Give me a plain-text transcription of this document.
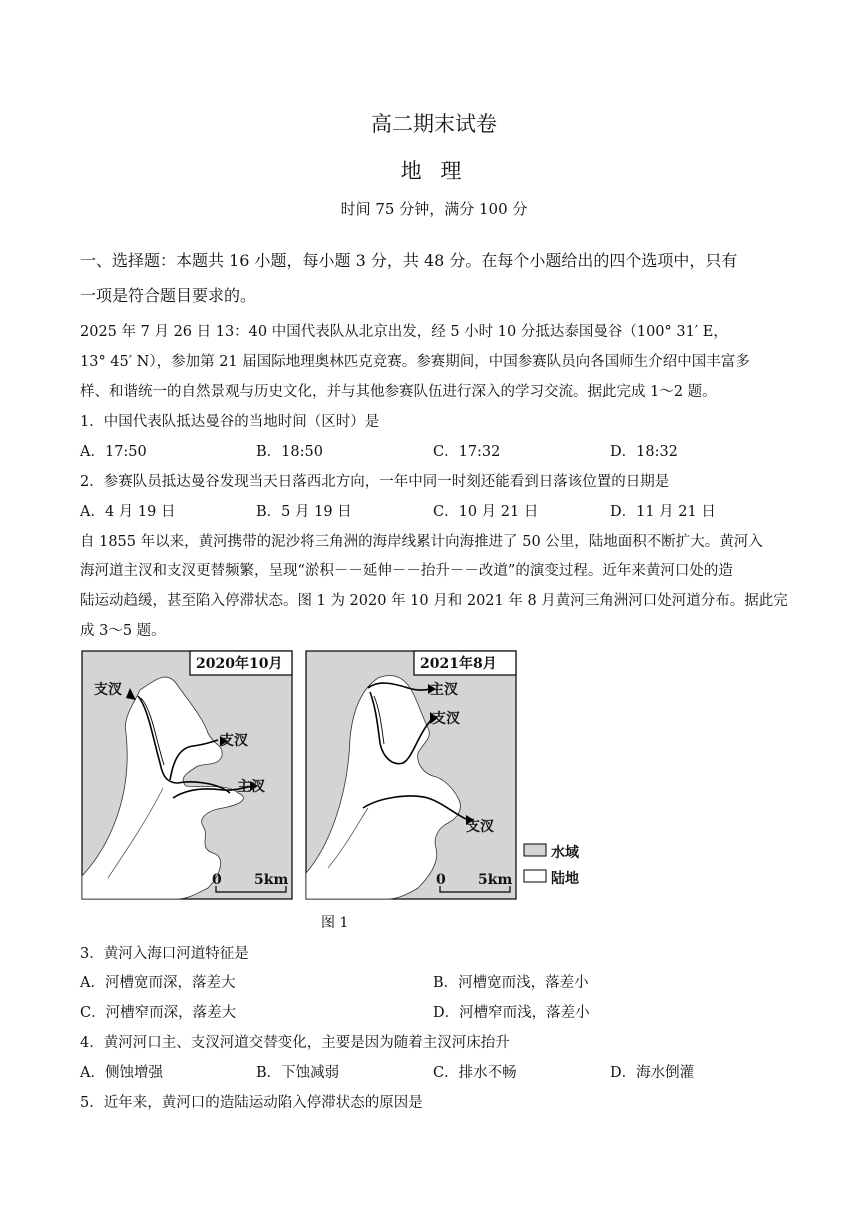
高二期末试卷
地 理
时间 75 分钟，满分 100 分
一、选择题：本题共 16 小题，每小题 3 分，共 48 分。在每个小题给出的四个选项中，只有
一项是符合题目要求的。
2025 年 7 月 26 日 13：40 中国代表队从北京出发，经 5 小时 10 分抵达泰国曼谷（100° 31′ E，
13° 45′ N），参加第 21 届国际地理奥林匹克竞赛。参赛期间，中国参赛队员向各国师生介绍中国丰富多
样、和谐统一的自然景观与历史文化，并与其他参赛队伍进行深入的学习交流。据此完成 1～2 题。
1．中国代表队抵达曼谷的当地时间（区时）是
A．17:50	B．18:50	C．17:32	D．18:32
2．参赛队员抵达曼谷发现当天日落西北方向，一年中同一时刻还能看到日落该位置的日期是
A．4 月 19 日	B．5 月 19 日	C．10 月 21 日	D．11 月 21 日
自 1855 年以来，黄河携带的泥沙将三角洲的海岸线累计向海推进了 50 公里，陆地面积不断扩大。黄河入
海河道主汊和支汊更替频繁，呈现“淤积－－延伸－－抬升－－改道”的演变过程。近年来黄河口处的造
陆运动趋缓，甚至陷入停滞状态。图 1 为 2020 年 10 月和 2021 年 8 月黄河三角洲河口处河道分布。据此完
成 3～5 题。
2020年10月	2021年8月
支汊
支汊
主汊
主汊
支汊
支汊
0 5km	0 5km
水域
陆地
图 1
3．黄河入海口河道特征是
A．河槽宽而深，落差大	B．河槽宽而浅，落差小
C．河槽窄而深，落差大	D．河槽窄而浅，落差小
4．黄河河口主、支汊河道交替变化，主要是因为随着主汊河床抬升
A．侧蚀增强	B．下蚀减弱	C．排水不畅	D．海水倒灌
5．近年来，黄河口的造陆运动陷入停滞状态的原因是
